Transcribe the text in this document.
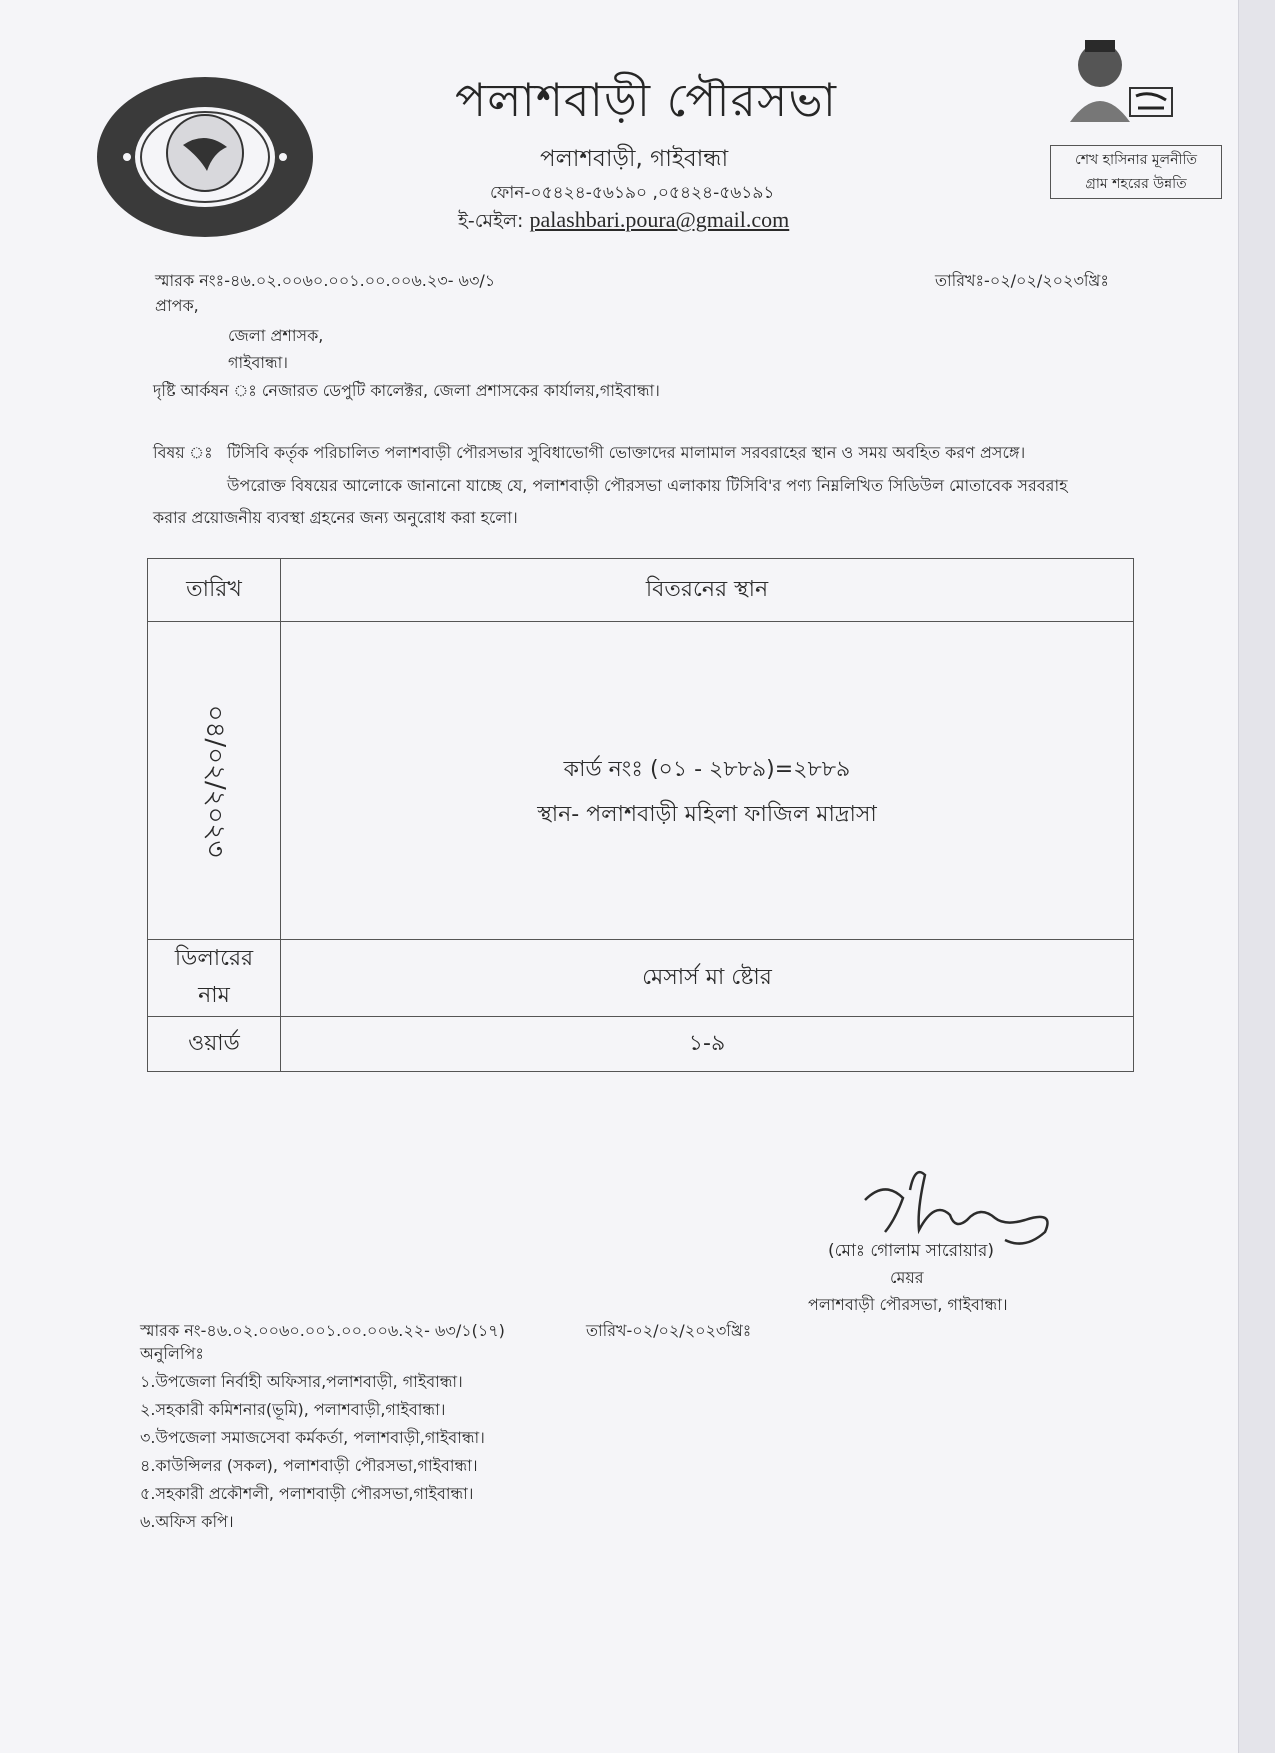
পলাশবাড়ী পৌরসভা
পলাশবাড়ী, গাইবান্ধা
ফোন-০৫৪২৪-৫৬১৯০ ,০৫৪২৪-৫৬১৯১
ই-মেইল: palashbari.poura@gmail.com
শেখ হাসিনার মূলনীতি
গ্রাম শহরের উন্নতি
স্মারক নংঃ-৪৬.০২.০০৬০.০০১.০০.০০৬.২৩- ৬৩/১	তারিখঃ-০২/০২/২০২৩খ্রিঃ
প্রাপক,
জেলা প্রশাসক,
গাইবান্ধা।
দৃষ্টি আর্কষন ঃ নেজারত ডেপুটি কালেক্টর, জেলা প্রশাসকের কার্যালয়,গাইবান্ধা।
বিষয় ঃ টিসিবি কর্তৃক পরিচালিত পলাশবাড়ী পৌরসভার সুবিধাভোগী ভোক্তাদের মালামাল সরবরাহের স্থান ও সময় অবহিত করণ প্রসঙ্গে।
উপরোক্ত বিষয়ের আলোকে জানানো যাচ্ছে যে, পলাশবাড়ী পৌরসভা এলাকায় টিসিবি'র পণ্য নিম্নলিখিত সিডিউল মোতাবেক সরবরাহ
করার প্রয়োজনীয় ব্যবস্থা গ্রহনের জন্য অনুরোধ করা হলো।
তারিখ	বিতরনের স্থান

০৪/০২/২০২৩	কার্ড নংঃ (০১ - ২৮৮৯)=২৮৮৯
স্থান- পলাশবাড়ী মহিলা ফাজিল মাদ্রাসা

ডিলারের
নাম	মেসার্স মা ষ্টোর
ওয়ার্ড	১-৯
(মোঃ গোলাম সারোয়ার)
মেয়র
পলাশবাড়ী পৌরসভা, গাইবান্ধা।
স্মারক নং-৪৬.০২.০০৬০.০০১.০০.০০৬.২২- ৬৩/১(১৭)	তারিখ-০২/০২/২০২৩খ্রিঃ
অনুলিপিঃ
১.উপজেলা নির্বাহী অফিসার,পলাশবাড়ী, গাইবান্ধা।
২.সহকারী কমিশনার(ভূমি), পলাশবাড়ী,গাইবান্ধা।
৩.উপজেলা সমাজসেবা কর্মকর্তা, পলাশবাড়ী,গাইবান্ধা।
৪.কাউন্সিলর (সকল), পলাশবাড়ী পৌরসভা,গাইবান্ধা।
৫.সহকারী প্রকৌশলী, পলাশবাড়ী পৌরসভা,গাইবান্ধা।
৬.অফিস কপি।
